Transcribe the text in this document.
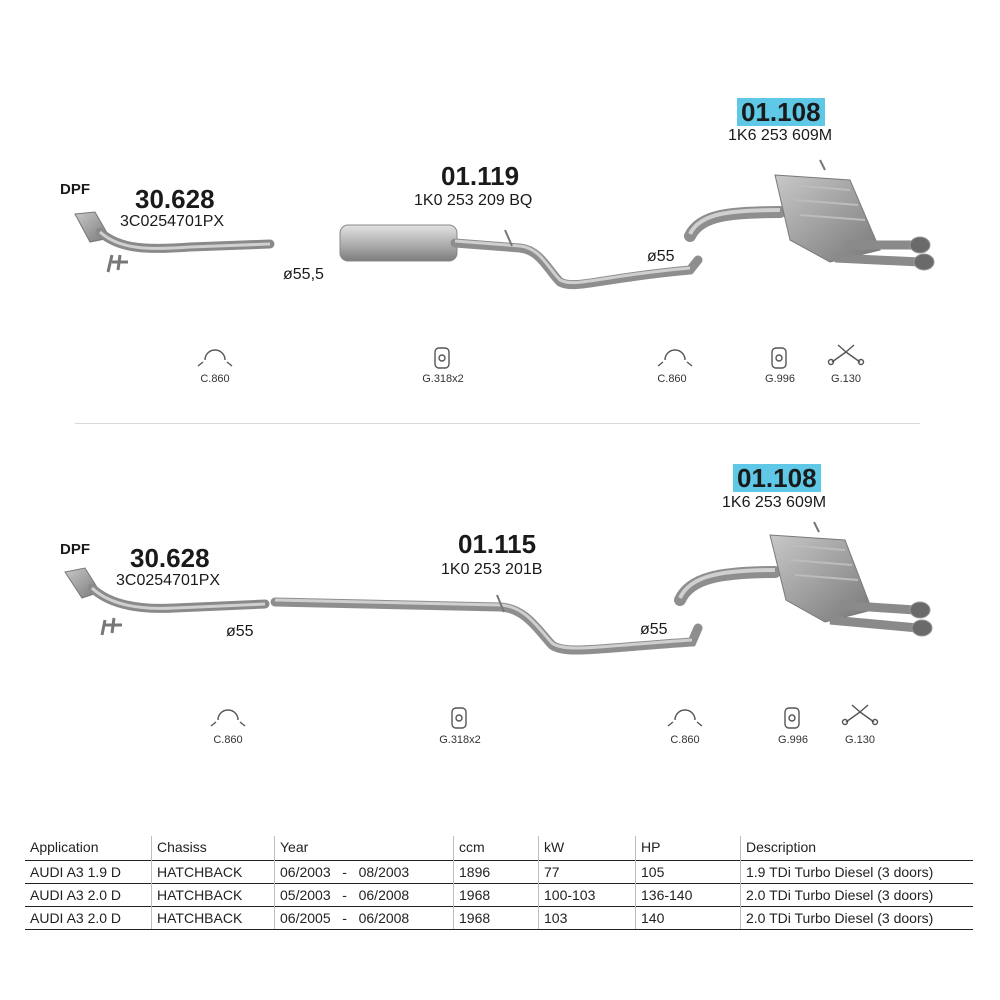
DPF 30.628
3C0254701PX
01.119
1K0 253 209 BQ
01.108
1K6 253 609M
ø55,5
ø55
C.860	G.318x2	C.860	G.996	G.130
DPF 30.628
3C0254701PX
01.115
1K0 253 201B
01.108
1K6 253 609M
ø55	ø55
C.860	G.318x2	C.860	G.996	G.130
Application	Chasiss	Year	ccm	kW	HP	Description
AUDI A3 1.9 D	HATCHBACK	06/2003   -   08/2003	1896	77	105	1.9 TDi Turbo Diesel (3 doors)
AUDI A3 2.0 D	HATCHBACK	05/2003   -   06/2008	1968	100-103	136-140	2.0 TDi Turbo Diesel (3 doors)
AUDI A3 2.0 D	HATCHBACK	06/2005   -   06/2008	1968	103	140	2.0 TDi Turbo Diesel (3 doors)
